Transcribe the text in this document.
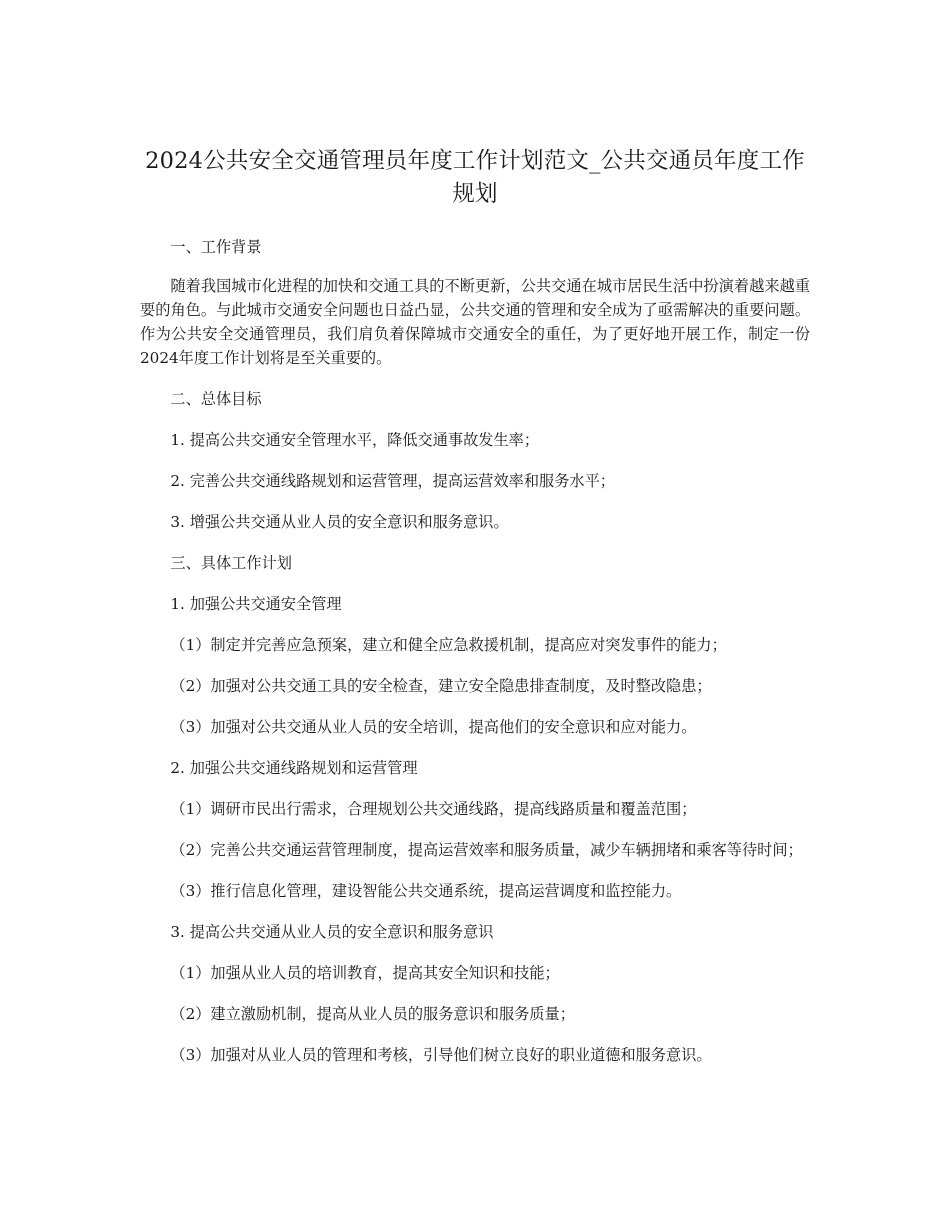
2024公共安全交通管理员年度工作计划范文_公共交通员年度工作规划

一、工作背景

随着我国城市化进程的加快和交通工具的不断更新，公共交通在城市居民生活中扮演着越来越重要的角色。与此城市交通安全问题也日益凸显，公共交通的管理和安全成为了亟需解决的重要问题。作为公共安全交通管理员，我们肩负着保障城市交通安全的重任，为了更好地开展工作，制定一份2024年度工作计划将是至关重要的。

二、总体目标

1. 提高公共交通安全管理水平，降低交通事故发生率；

2. 完善公共交通线路规划和运营管理，提高运营效率和服务水平；

3. 增强公共交通从业人员的安全意识和服务意识。

三、具体工作计划

1. 加强公共交通安全管理

（1）制定并完善应急预案，建立和健全应急救援机制，提高应对突发事件的能力；

（2）加强对公共交通工具的安全检查，建立安全隐患排查制度，及时整改隐患；

（3）加强对公共交通从业人员的安全培训，提高他们的安全意识和应对能力。

2. 加强公共交通线路规划和运营管理

（1）调研市民出行需求，合理规划公共交通线路，提高线路质量和覆盖范围；

（2）完善公共交通运营管理制度，提高运营效率和服务质量，减少车辆拥堵和乘客等待时间；

（3）推行信息化管理，建设智能公共交通系统，提高运营调度和监控能力。

3. 提高公共交通从业人员的安全意识和服务意识

（1）加强从业人员的培训教育，提高其安全知识和技能；

（2）建立激励机制，提高从业人员的服务意识和服务质量；

（3）加强对从业人员的管理和考核，引导他们树立良好的职业道德和服务意识。
